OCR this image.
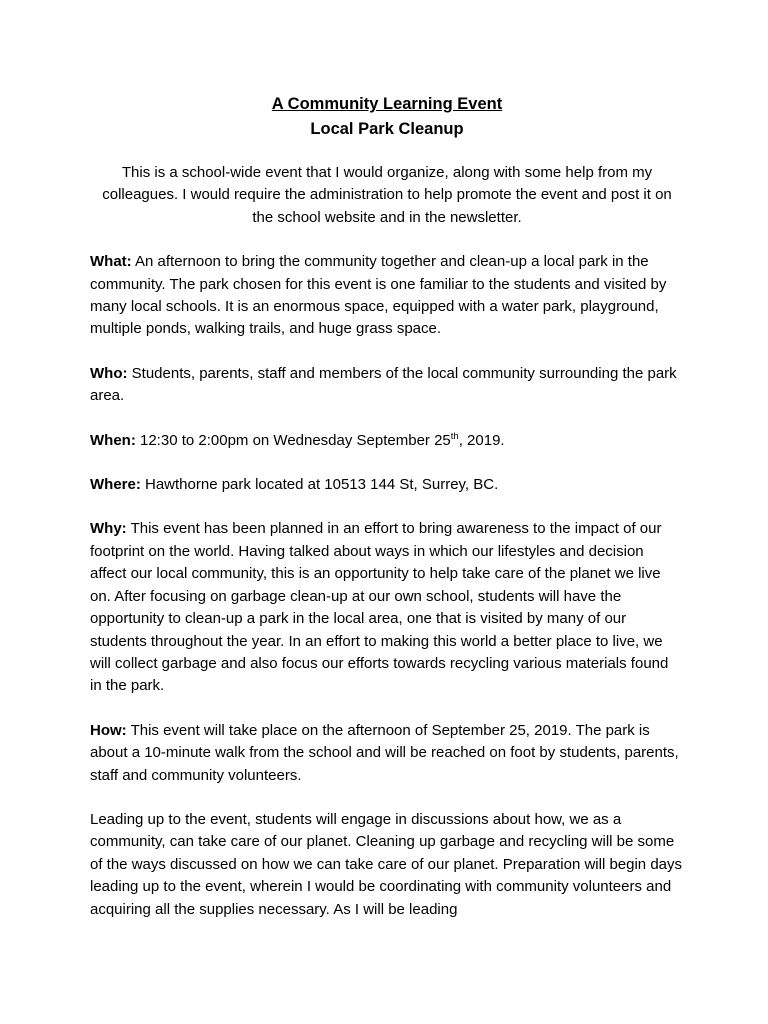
A Community Learning Event

Local Park Cleanup

This is a school-wide event that I would organize, along with some help from my colleagues. I would require the administration to help promote the event and post it on the school website and in the newsletter.

What: An afternoon to bring the community together and clean-up a local park in the community. The park chosen for this event is one familiar to the students and visited by many local schools. It is an enormous space, equipped with a water park, playground, multiple ponds, walking trails, and huge grass space.

Who: Students, parents, staff and members of the local community surrounding the park area.

When: 12:30 to 2:00pm on Wednesday September 25th, 2019.

Where: Hawthorne park located at 10513 144 St, Surrey, BC.

Why: This event has been planned in an effort to bring awareness to the impact of our footprint on the world. Having talked about ways in which our lifestyles and decision affect our local community, this is an opportunity to help take care of the planet we live on. After focusing on garbage clean-up at our own school, students will have the opportunity to clean-up a park in the local area, one that is visited by many of our students throughout the year. In an effort to making this world a better place to live, we will collect garbage and also focus our efforts towards recycling various materials found in the park.

How: This event will take place on the afternoon of September 25, 2019. The park is about a 10-minute walk from the school and will be reached on foot by students, parents, staff and community volunteers.

Leading up to the event, students will engage in discussions about how, we as a community, can take care of our planet. Cleaning up garbage and recycling will be some of the ways discussed on how we can take care of our planet. Preparation will begin days leading up to the event, wherein I would be coordinating with community volunteers and acquiring all the supplies necessary. As I will be leading
